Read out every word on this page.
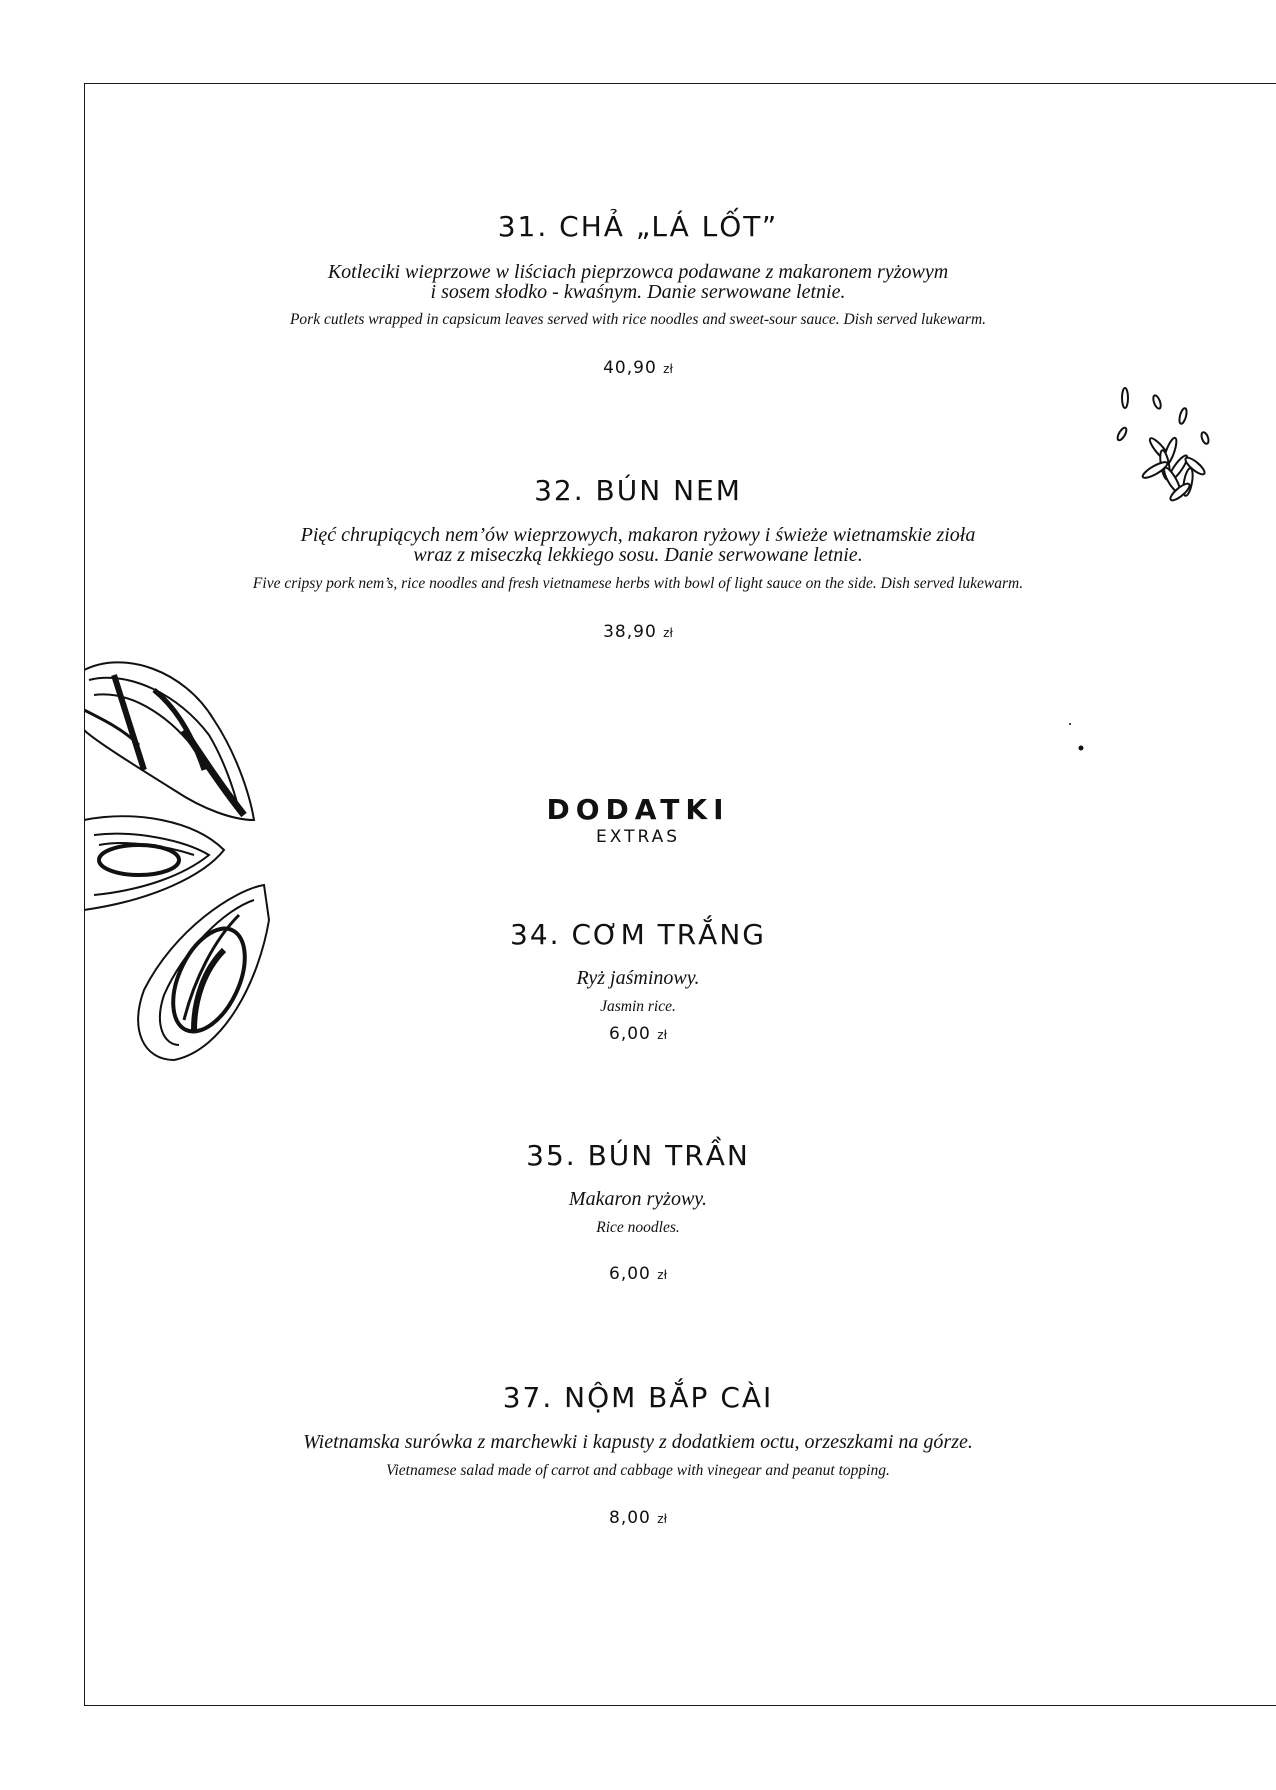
31. CHẢ „LÁ LỐT”

Kotleciki wieprzowe w liściach pieprzowca podawane z makaronem ryżowym

i sosem słodko - kwaśnym. Danie serwowane letnie.

Pork cutlets wrapped in capsicum leaves served with rice noodles and sweet-sour sauce. Dish served lukewarm.

40,90 zł

32. BÚN NEM

Pięć chrupiących nem’ów wieprzowych, makaron ryżowy i świeże wietnamskie zioła

wraz z miseczką lekkiego sosu. Danie serwowane letnie.

Five cripsy pork nem’s, rice noodles and fresh vietnamese herbs with bowl of light sauce on the side. Dish served lukewarm.

38,90 zł

DODATKI

EXTRAS

34. CƠM TRẮNG

Ryż jaśminowy.

Jasmin rice.

6,00 zł

35. BÚN TRẦN

Makaron ryżowy.

Rice noodles.

6,00 zł

37. NỘM BẮP CÀI

Wietnamska surówka z marchewki i kapusty z dodatkiem octu, orzeszkami na górze.

Vietnamese salad made of carrot and cabbage with vinegear and peanut topping.

8,00 zł
